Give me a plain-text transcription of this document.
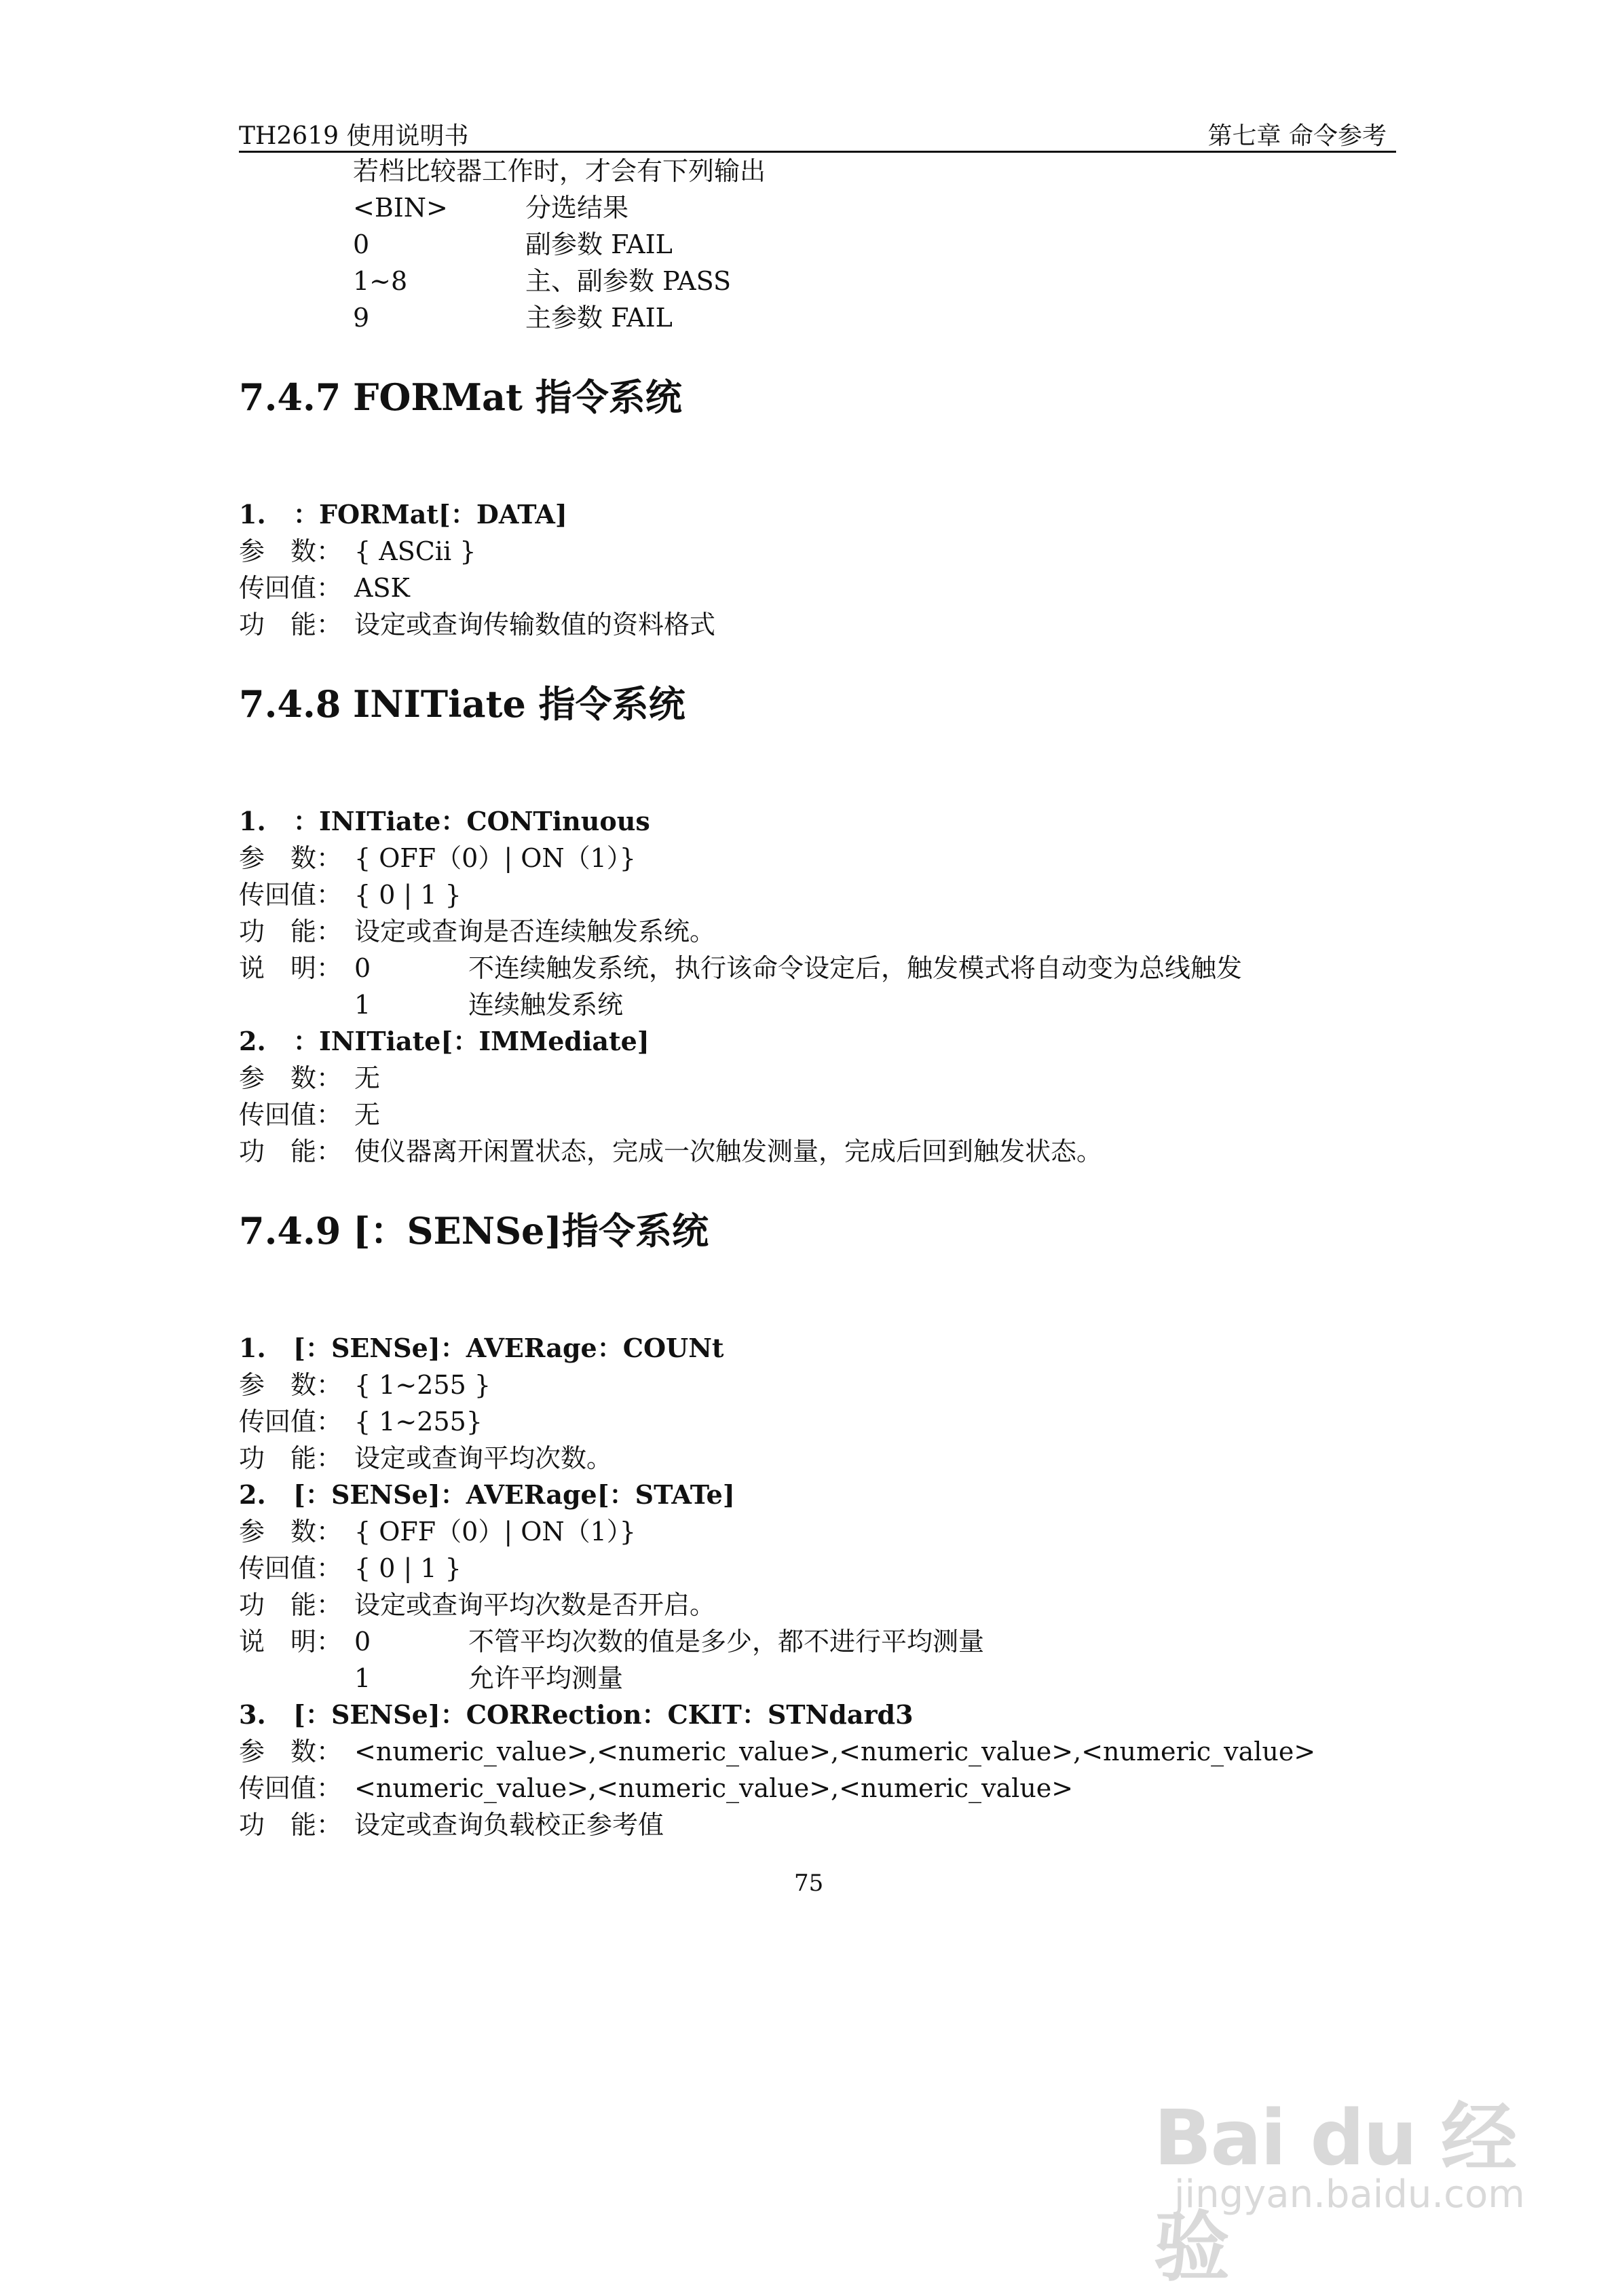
TH2619 使用说明书	第七章 命令参考
若档比较器工作时，才会有下列输出
<BIN>	分选结果
0	副参数 FAIL
1~8	主、副参数 PASS
9	主参数 FAIL
7.4.7 FORMat 指令系统
1. ：FORMat[：DATA]
参　数： { ASCii }
传回值： ASK
功　能： 设定或查询传输数值的资料格式
7.4.8 INITiate 指令系统
1. ：INITiate：CONTinuous
参　数： { OFF（0）| ON（1）}
传回值： { 0 | 1 }
功　能： 设定或查询是否连续触发系统。
说　明： 0	不连续触发系统，执行该命令设定后，触发模式将自动变为总线触发
1	连续触发系统
2. ：INITiate[：IMMediate]
参　数： 无
传回值： 无
功　能： 使仪器离开闲置状态，完成一次触发测量，完成后回到触发状态。
7.4.9 [：SENSe]指令系统
1. [：SENSe]：AVERage：COUNt
参　数： { 1~255 }
传回值： { 1~255}
功　能： 设定或查询平均次数。
2. [：SENSe]：AVERage[：STATe]
参　数： { OFF（0）| ON（1）}
传回值： { 0 | 1 }
功　能： 设定或查询平均次数是否开启。
说　明： 0	不管平均次数的值是多少，都不进行平均测量
1	允许平均测量
3. [：SENSe]：CORRection：CKIT：STNdard3
参　数： <numeric_value>,<numeric_value>,<numeric_value>,<numeric_value>
传回值： <numeric_value>,<numeric_value>,<numeric_value>
功　能： 设定或查询负载校正参考值
75
Bai du 经验
jingyan.baidu.com
